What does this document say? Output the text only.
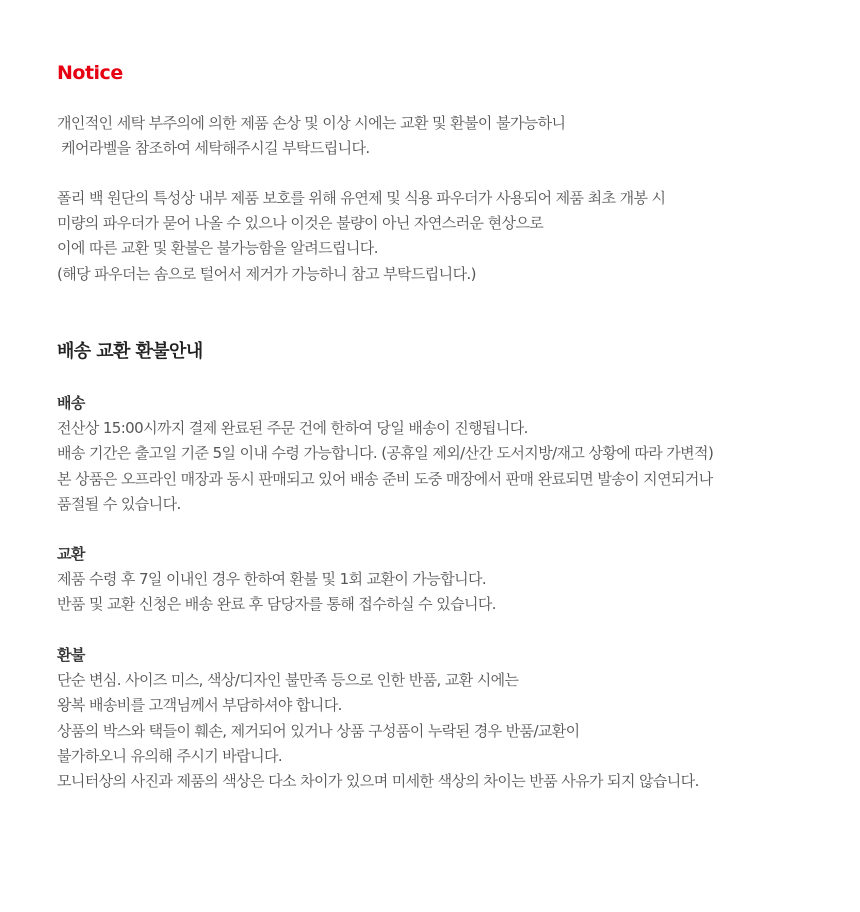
Notice
개인적인 세탁 부주의에 의한 제품 손상 및 이상 시에는 교환 및 환불이 불가능하니
케어라벨을 참조하여 세탁해주시길 부탁드립니다.
폴리 백 원단의 특성상 내부 제품 보호를 위해 유연제 및 식용 파우더가 사용되어 제품 최초 개봉 시
미량의 파우더가 묻어 나올 수 있으나 이것은 불량이 아닌 자연스러운 현상으로
이에 따른 교환 및 환불은 불가능함을 알려드립니다.
(해당 파우더는 솜으로 털어서 제거가 가능하니 참고 부탁드립니다.)
배송 교환 환불안내
배송
전산상 15:00시까지 결제 완료된 주문 건에 한하여 당일 배송이 진행됩니다.
배송 기간은 출고일 기준 5일 이내 수령 가능합니다. (공휴일 제외/산간 도서지방/재고 상황에 따라 가변적)
본 상품은 오프라인 매장과 동시 판매되고 있어 배송 준비 도중 매장에서 판매 완료되면 발송이 지연되거나
품절될 수 있습니다.
교환
제품 수령 후 7일 이내인 경우 한하여 환불 및 1회 교환이 가능합니다.
반품 및 교환 신청은 배송 완료 후 담당자를 통해 접수하실 수 있습니다.
환불
단순 변심. 사이즈 미스, 색상/디자인 불만족 등으로 인한 반품, 교환 시에는
왕복 배송비를 고객님께서 부담하셔야 합니다.
상품의 박스와 택들이 훼손, 제거되어 있거나 상품 구성품이 누락된 경우 반품/교환이
불가하오니 유의해 주시기 바랍니다.
모니터상의 사진과 제품의 색상은 다소 차이가 있으며 미세한 색상의 차이는 반품 사유가 되지 않습니다.
